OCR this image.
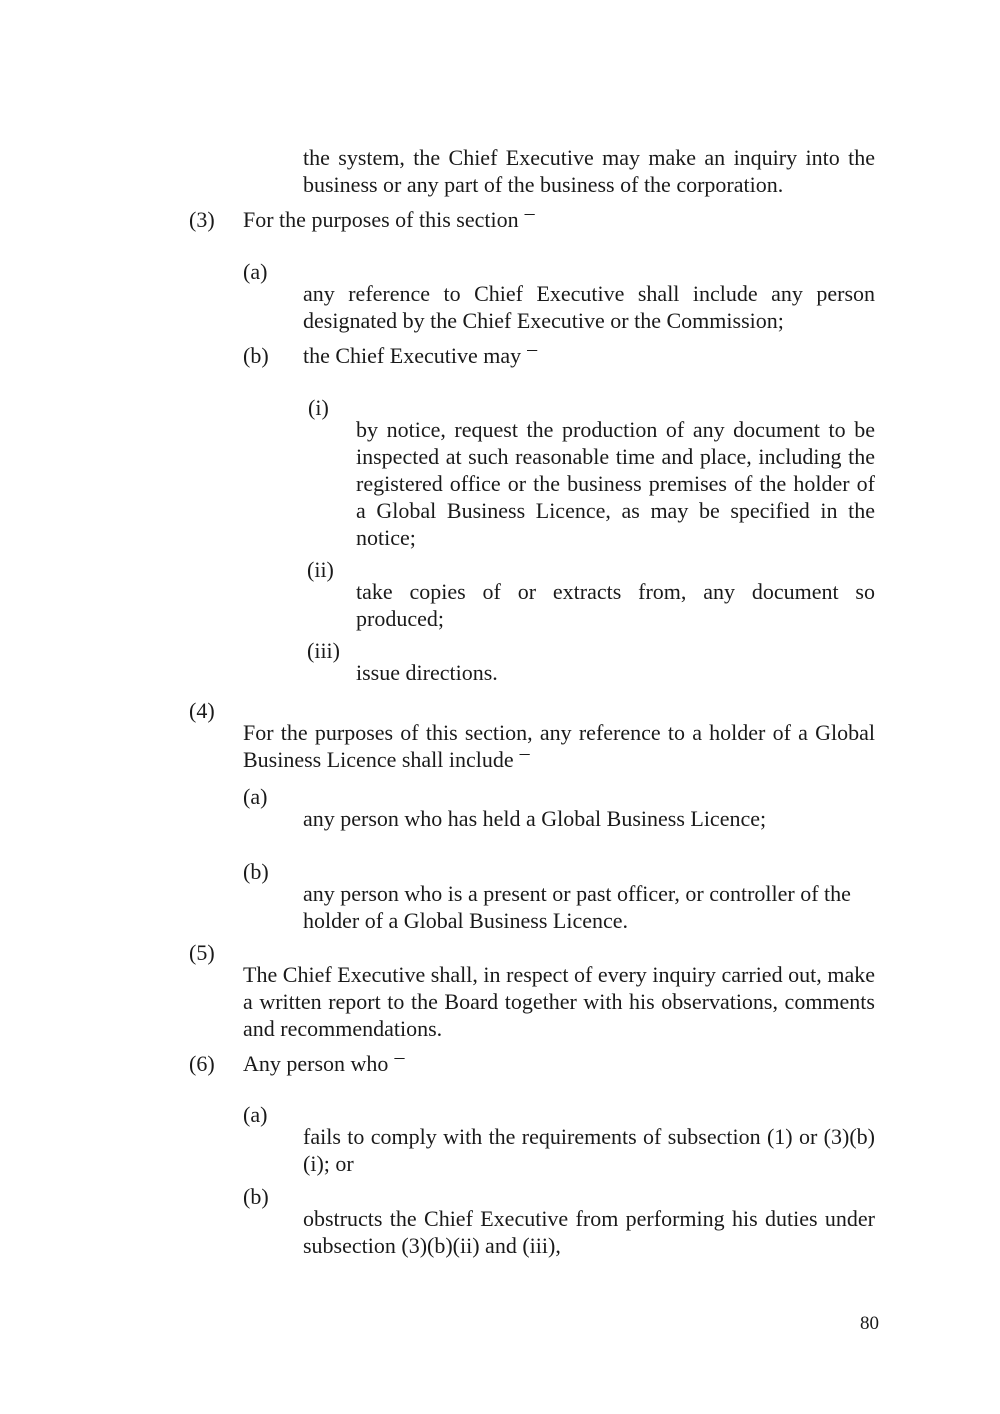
the system, the Chief Executive may make an inquiry into the business or any part of the business of the corporation.

(3) For the purposes of this section –
(a)

any reference to Chief Executive shall include any person designated by the Chief Executive or the Commission;

(b) the Chief Executive may –
(i)

by notice, request the production of any document to be inspected at such reasonable time and place, including the registered office or the business premises of the holder of a Global Business Licence, as may be specified in the notice;

(ii)

take copies of or extracts from, any document so produced;

(iii)

issue directions.

(4)

For the purposes of this section, any reference to a holder of a Global Business Licence shall include –

(a)

any person who has held a Global Business Licence;

(b)

any person who is a present or past officer, or controller of the holder of a Global Business Licence.

(5)

The Chief Executive shall, in respect of every inquiry carried out, make a written report to the Board together with his observations, comments and recommendations.

(6) Any person who –
(a)

fails to comply with the requirements of subsection (1) or (3)(b)(i); or

(b)

obstructs the Chief Executive from performing his duties under subsection (3)(b)(ii) and (iii),

80
